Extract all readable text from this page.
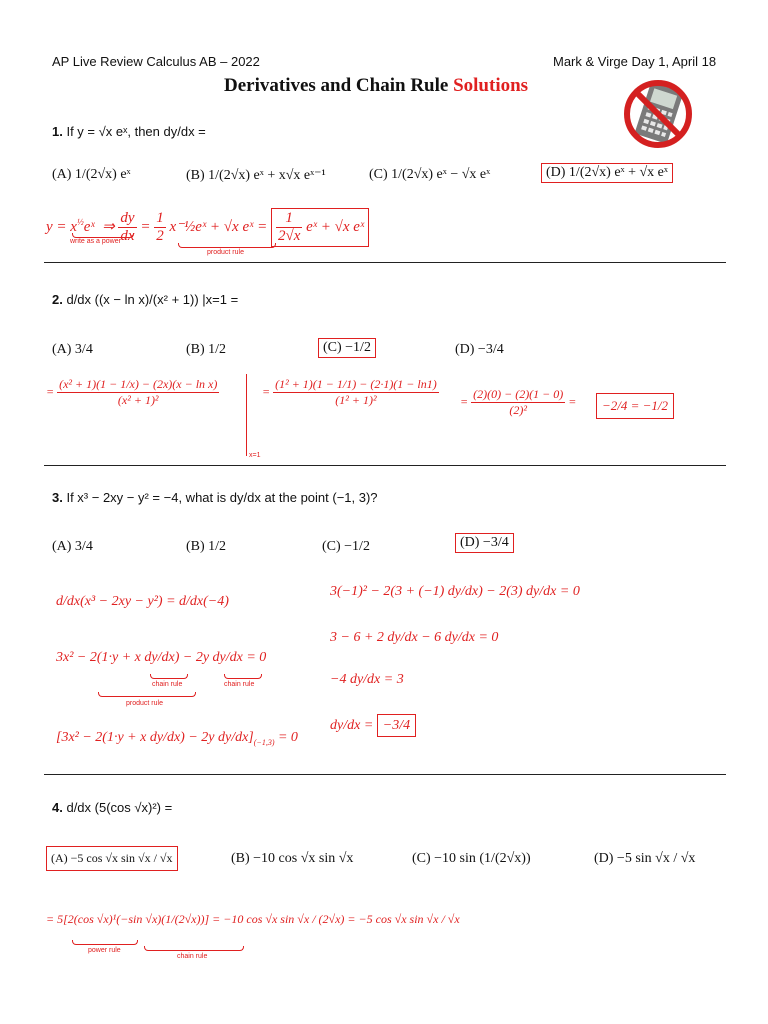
AP Live Review Calculus AB – 2022	Mark & Virge Day 1, April 18
Derivatives and Chain Rule Solutions
1. If y = √x eˣ, then dy/dx =
(A) 1/(2√x) eˣ	(B) 1/(2√x) eˣ + x√x eˣ⁻¹	(C) 1/(2√x) eˣ − √x eˣ	(D) 1/(2√x) eˣ + √x eˣ
$y = x^{\frac{1}{2}}eˣ$ ⇒ $\frac{dy}{dx} = \frac{1}{2}$ x⁻½eˣ + √x eˣ = $\frac{1}{2√x}$ eˣ + √x eˣ
write as a power
product rule
2. d/dx ((x − ln x)/(x² + 1)) |x=1 =
(A) 3/4	(B) 1/2	(C) −1/2	(D) −3/4
= $\frac{\text{(x² + 1)(1 − 1/x) − (2x)(x − ln x)}}{\text{(x² + 1)²}}$
x=1
= $\frac{\text{(1² + 1)(1 − 1/1) − (2·1)(1 − ln1)}}{\text{(1² + 1)²}} = \frac{(2)(0) - (2)(1 - 0)}{\text{(2)²}}$ =	−2/4 = −1/2
3. If x³ − 2xy − y² = −4, what is dy/dx at the point (−1, 3)?
(A) 3/4	(B) 1/2	(C) −1/2	(D) −3/4
d/dx(x³ − 2xy − y²) = d/dx(−4)
3x² − 2(1·y + x dy/dx) − 2y dy/dx = 0
chain rule	chain rule
product rule
[3x² − 2(1·y + x dy/dx) − 2y $dy/dx]_{(-1,3)} = 0$
3(−1)² − 2(3 + (−1) dy/dx) − 2(3) dy/dx = 0
3 − 6 + 2 dy/dx − 6 dy/dx = 0
−4 dy/dx = 3
dy/dx = −3/4
4. d/dx (5(cos √x)²) =
(A) −5 cos √x sin √x / √x	(B) −10 cos √x sin √x	(C) −10 sin (1/(2√x))	(D) −5 sin √x / √x
= 5[2(cos √x)¹(−sin √x)(1/(2√x))] = −10 cos √x sin √x / (2√x) = −5 cos √x sin √x / √x
power rule
chain rule
